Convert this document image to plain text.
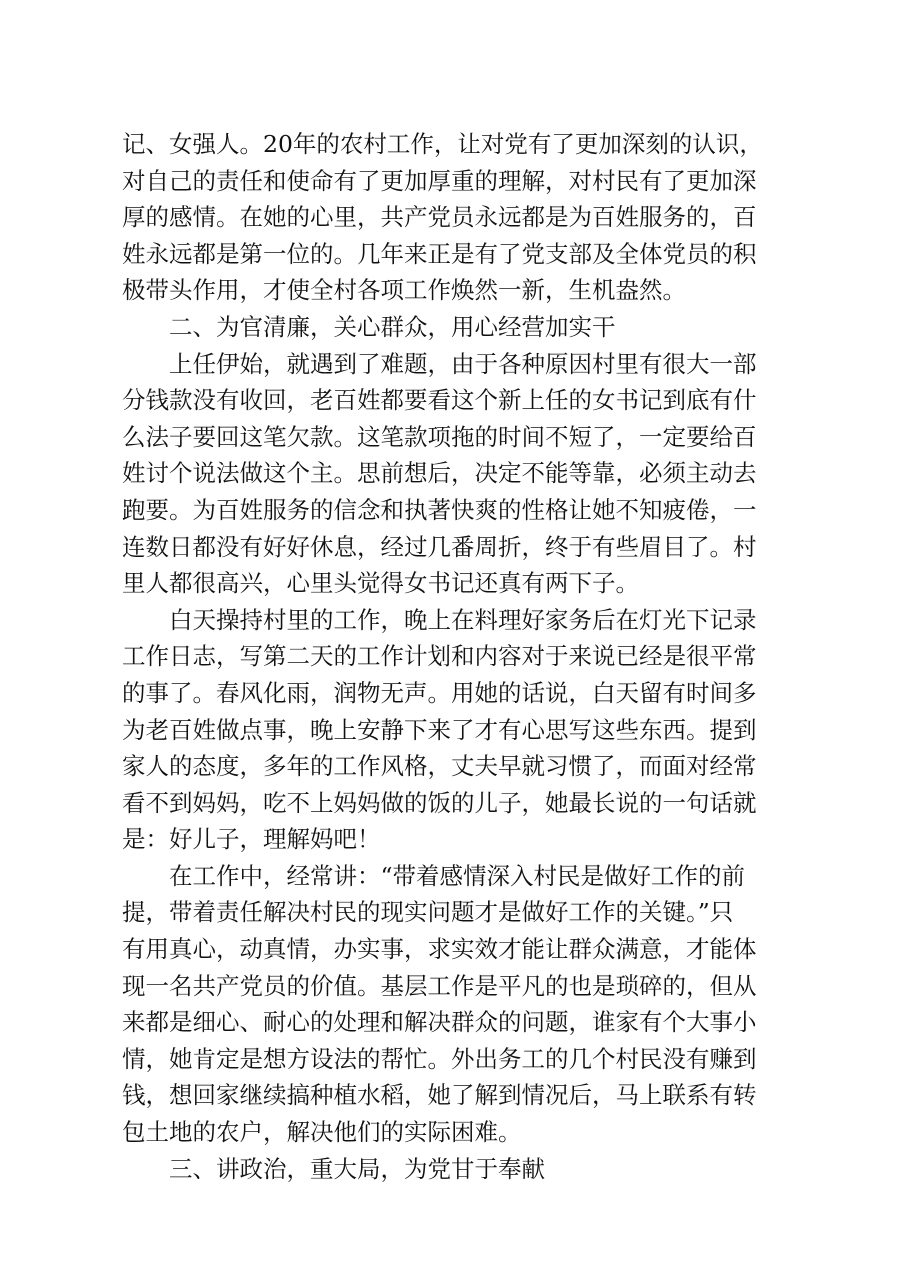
记、女强人。20年的农村工作，让对党有了更加深刻的认识，
对自己的责任和使命有了更加厚重的理解，对村民有了更加深
厚的感情。在她的心里，共产党员永远都是为百姓服务的，百
姓永远都是第一位的。几年来正是有了党支部及全体党员的积
极带头作用，才使全村各项工作焕然一新，生机盎然。
二、为官清廉，关心群众，用心经营加实干
上任伊始，就遇到了难题，由于各种原因村里有很大一部
分钱款没有收回，老百姓都要看这个新上任的女书记到底有什
么法子要回这笔欠款。这笔款项拖的时间不短了，一定要给百
姓讨个说法做这个主。思前想后，决定不能等靠，必须主动去
跑要。为百姓服务的信念和执著快爽的性格让她不知疲倦，一
连数日都没有好好休息，经过几番周折，终于有些眉目了。村
里人都很高兴，心里头觉得女书记还真有两下子。
白天操持村里的工作，晚上在料理好家务后在灯光下记录
工作日志，写第二天的工作计划和内容对于来说已经是很平常
的事了。春风化雨，润物无声。用她的话说，白天留有时间多
为老百姓做点事，晚上安静下来了才有心思写这些东西。提到
家人的态度，多年的工作风格，丈夫早就习惯了，而面对经常
看不到妈妈，吃不上妈妈做的饭的儿子，她最长说的一句话就
是：好儿子，理解妈吧！
在工作中，经常讲：“带着感情深入村民是做好工作的前
提，带着责任解决村民的现实问题才是做好工作的关键。”只
有用真心，动真情，办实事，求实效才能让群众满意，才能体
现一名共产党员的价值。基层工作是平凡的也是琐碎的，但从
来都是细心、耐心的处理和解决群众的问题，谁家有个大事小
情，她肯定是想方设法的帮忙。外出务工的几个村民没有赚到
钱，想回家继续搞种植水稻，她了解到情况后，马上联系有转
包土地的农户，解决他们的实际困难。
三、讲政治，重大局，为党甘于奉献
